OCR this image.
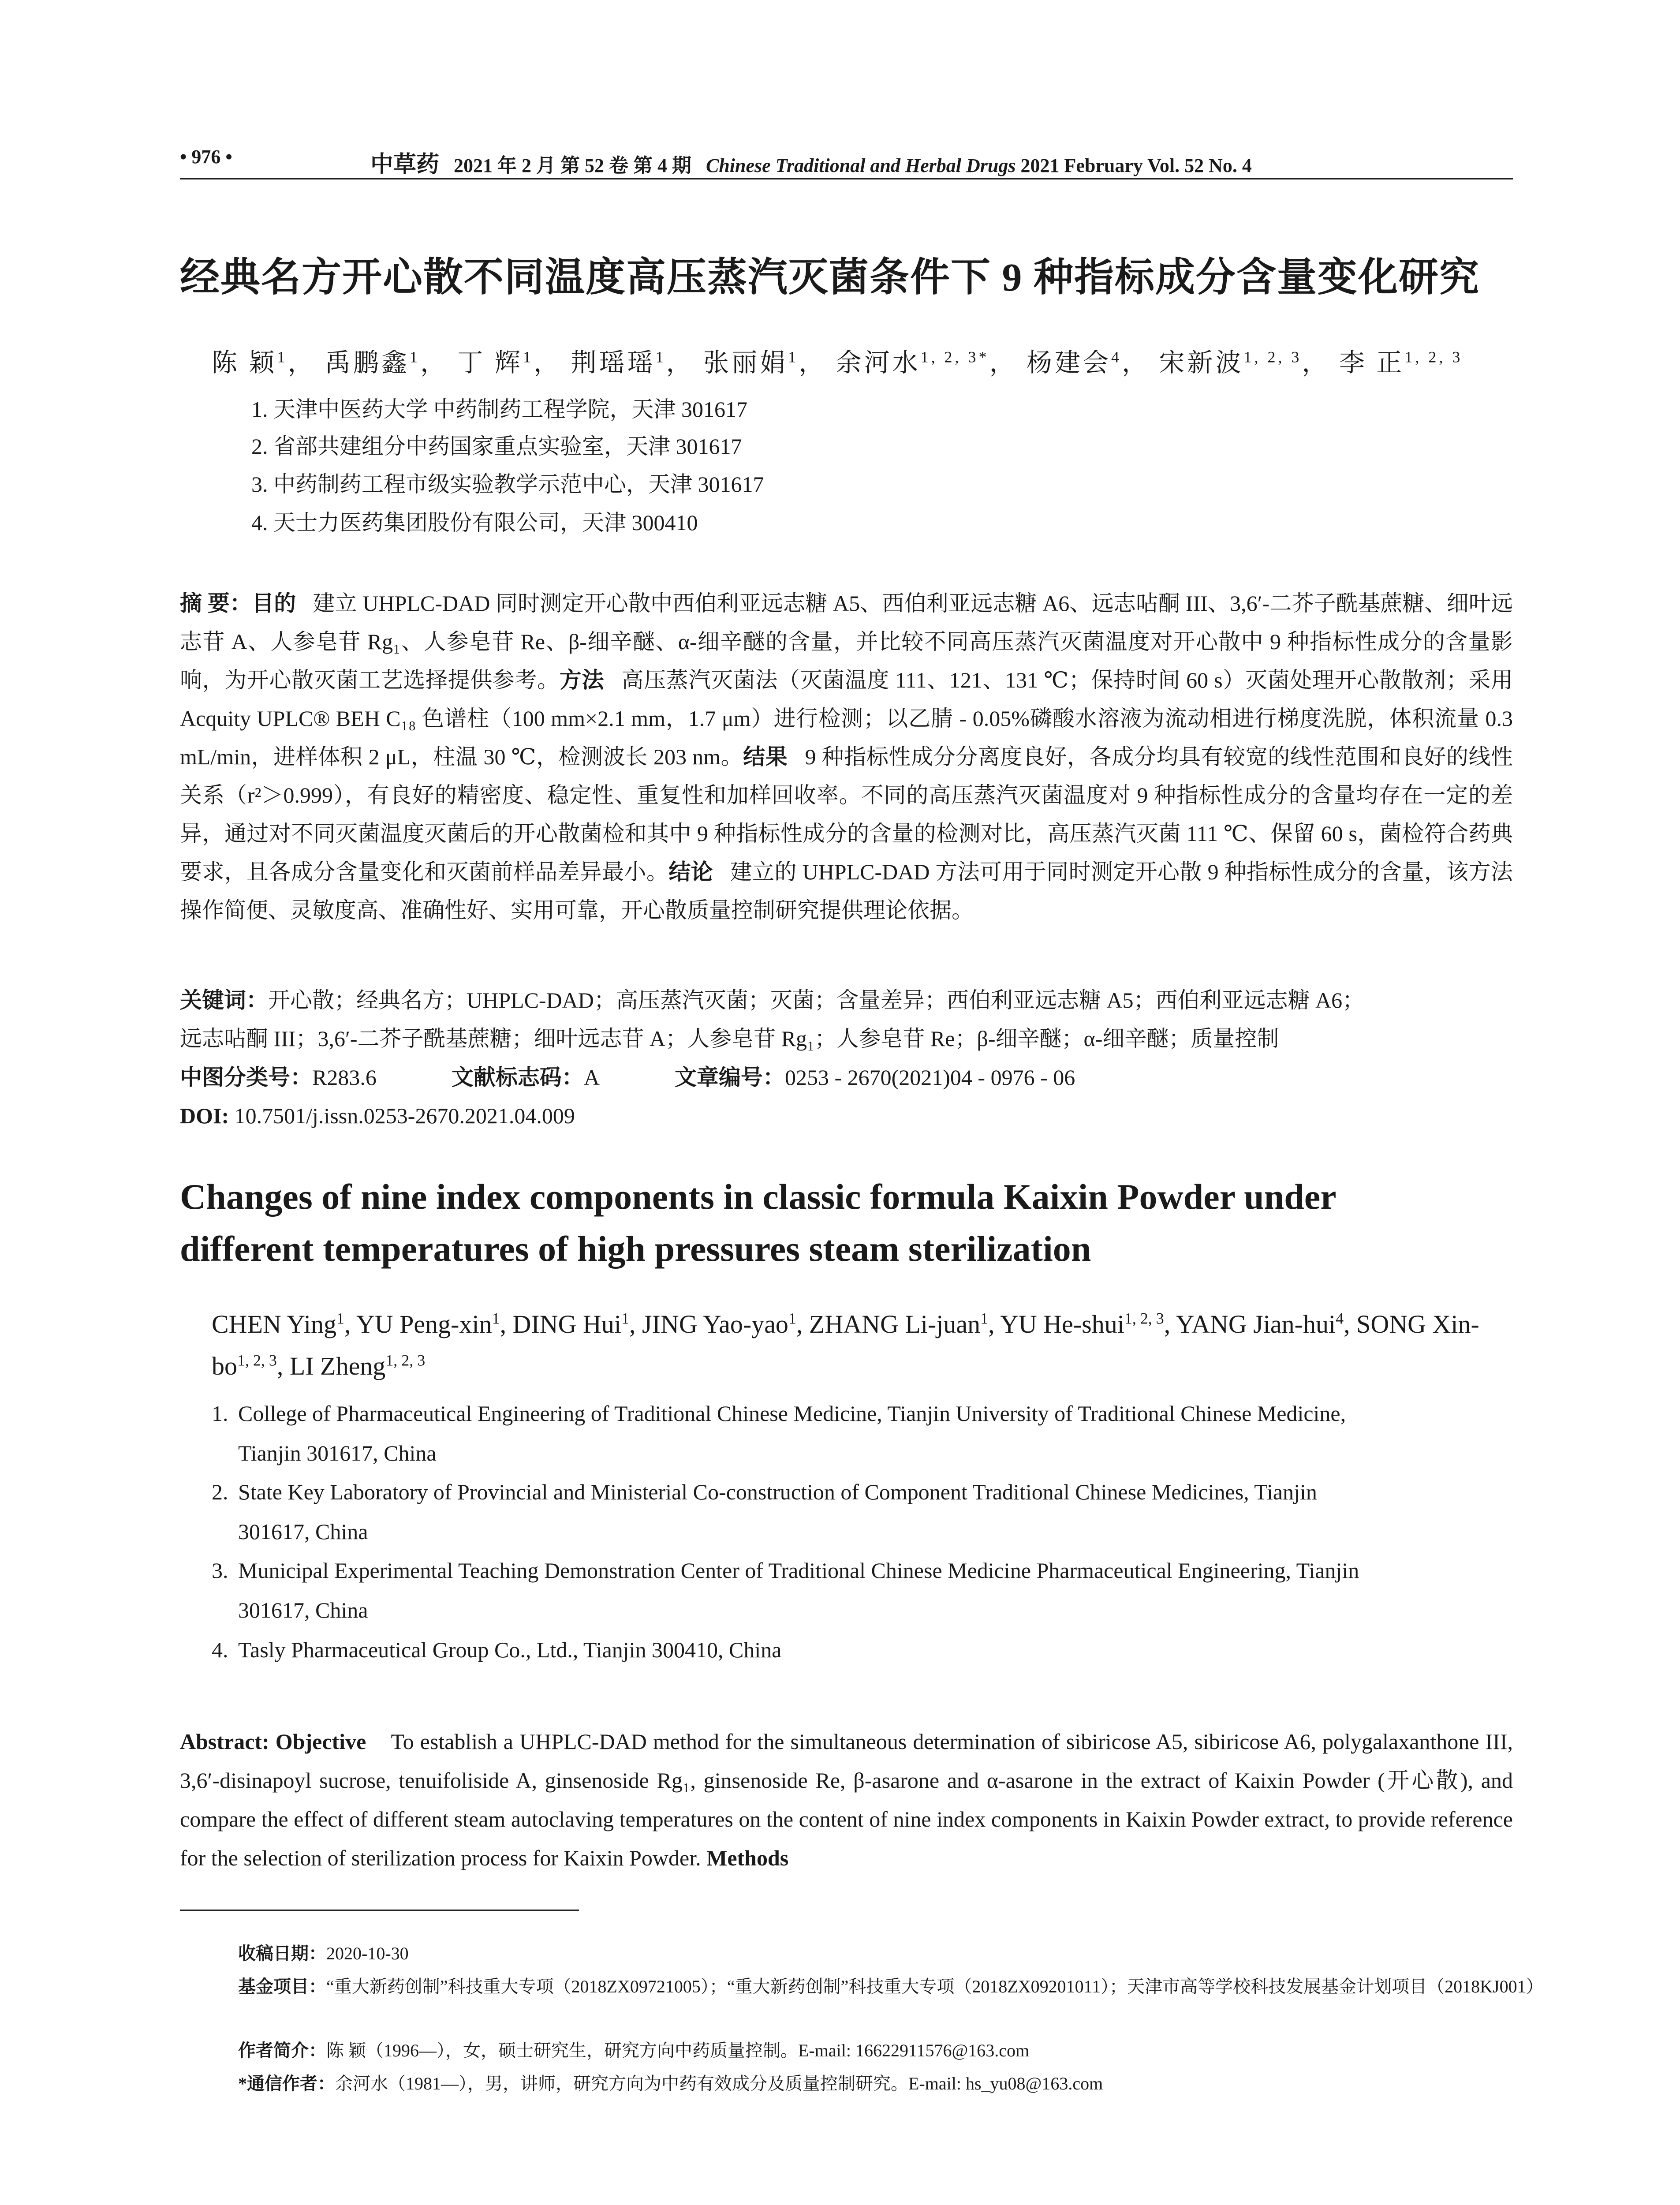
• 976 •	中草药 2021 年 2 月 第 52 卷 第 4 期 Chinese Traditional and Herbal Drugs 2021 February Vol. 52 No. 4
经典名方开心散不同温度高压蒸汽灭菌条件下 9 种指标成分含量变化研究
陈 颖$^1$， 禹鹏鑫$^1$， 丁 辉$^1$， 荆瑶瑶$^1$， 张丽娟$^1$， 余河水$^{1, 2, 3*}$， 杨建会$^4$， 宋新波$^{1, 2, 3}$， 李 正$^{1, 2, 3}$
1. 天津中医药大学 中药制药工程学院，天津 301617
2. 省部共建组分中药国家重点实验室，天津 301617
3. 中药制药工程市级实验教学示范中心，天津 301617
4. 天士力医药集团股份有限公司，天津 300410
摘 要：目的 建立 UHPLC-DAD 同时测定开心散中西伯利亚远志糖 A5、西伯利亚远志糖 A6、远志呫酮 III、3,6′-二芥子酰基蔗糖、细叶远志苷 A、人参皂苷 Rg₁、人参皂苷 Re、β-细辛醚、α-细辛醚的含量，并比较不同高压蒸汽灭菌温度对开心散中 9 种指标性成分的含量影响，为开心散灭菌工艺选择提供参考。方法 高压蒸汽灭菌法（灭菌温度 111、121、131 ℃；保持时间 60 s）灭菌处理开心散散剂；采用 Acquity UPLC® BEH C₁₈ 色谱柱（100 mm×2.1 mm，1.7 μm）进行检测；以乙腈 - 0.05%磷酸水溶液为流动相进行梯度洗脱，体积流量 0.3 mL/min，进样体积 2 μL，柱温 30 ℃，检测波长 203 nm。结果 9 种指标性成分分离度良好，各成分均具有较宽的线性范围和良好的线性关系（r²＞0.999），有良好的精密度、稳定性、重复性和加样回收率。不同的高压蒸汽灭菌温度对 9 种指标性成分的含量均存在一定的差异，通过对不同灭菌温度灭菌后的开心散菌检和其中 9 种指标性成分的含量的检测对比，高压蒸汽灭菌 111 ℃、保留 60 s，菌检符合药典要求，且各成分含量变化和灭菌前样品差异最小。结论 建立的 UHPLC-DAD 方法可用于同时测定开心散 9 种指标性成分的含量，该方法操作简便、灵敏度高、准确性好、实用可靠，开心散质量控制研究提供理论依据。
关键词：开心散；经典名方；UHPLC-DAD；高压蒸汽灭菌；灭菌；含量差异；西伯利亚远志糖 A5；西伯利亚远志糖 A6；
远志呫酮 III；3,6′-二芥子酰基蔗糖；细叶远志苷 A；人参皂苷 Rg₁；人参皂苷 Re；β-细辛醚；α-细辛醚；质量控制
中图分类号：R283.6	文献标志码：A	文章编号：0253 - 2670(2021)04 - 0976 - 06
DOI: 10.7501/j.issn.0253-2670.2021.04.009
Changes of nine index components in classic formula Kaixin Powder under
different temperatures of high pressures steam sterilization
CHEN Ying$^1$, YU Peng-xin$^1$, DING Hui$^1$, JING Yao-yao$^1$, ZHANG Li-juan$^1$, YU He-shui$^{1, 2, 3}$, YANG Jian-hui$^4$, SONG Xin-bo$^{1, 2, 3}$, LI Zheng$^{1, 2, 3}$
1. College of Pharmaceutical Engineering of Traditional Chinese Medicine, Tianjin University of Traditional Chinese Medicine,
Tianjin 301617, China
2. State Key Laboratory of Provincial and Ministerial Co-construction of Component Traditional Chinese Medicines, Tianjin
301617, China
3. Municipal Experimental Teaching Demonstration Center of Traditional Chinese Medicine Pharmaceutical Engineering, Tianjin
301617, China
4. Tasly Pharmaceutical Group Co., Ltd., Tianjin 300410, China
Abstract: Objective To establish a UHPLC-DAD method for the simultaneous determination of sibiricose A5, sibiricose A6, polygalaxanthone III, 3,6′-disinapoyl sucrose, tenuifoliside A, ginsenoside Rg₁, ginsenoside Re, β-asarone and α-asarone in the extract of Kaixin Powder (开心散), and compare the effect of different steam autoclaving temperatures on the content of nine index components in Kaixin Powder extract, to provide reference for the selection of sterilization process for Kaixin Powder. Methods
收稿日期：2020-10-30
基金项目：“重大新药创制”科技重大专项（2018ZX09721005）；“重大新药创制”科技重大专项（2018ZX09201011）；天津市高等学校科技发展基金计划项目（2018KJ001）
作者简介：陈 颖（1996—），女，硕士研究生，研究方向中药质量控制。E-mail: 16622911576@163.com
*通信作者：余河水（1981—），男，讲师，研究方向为中药有效成分及质量控制研究。E-mail: hs_yu08@163.com
